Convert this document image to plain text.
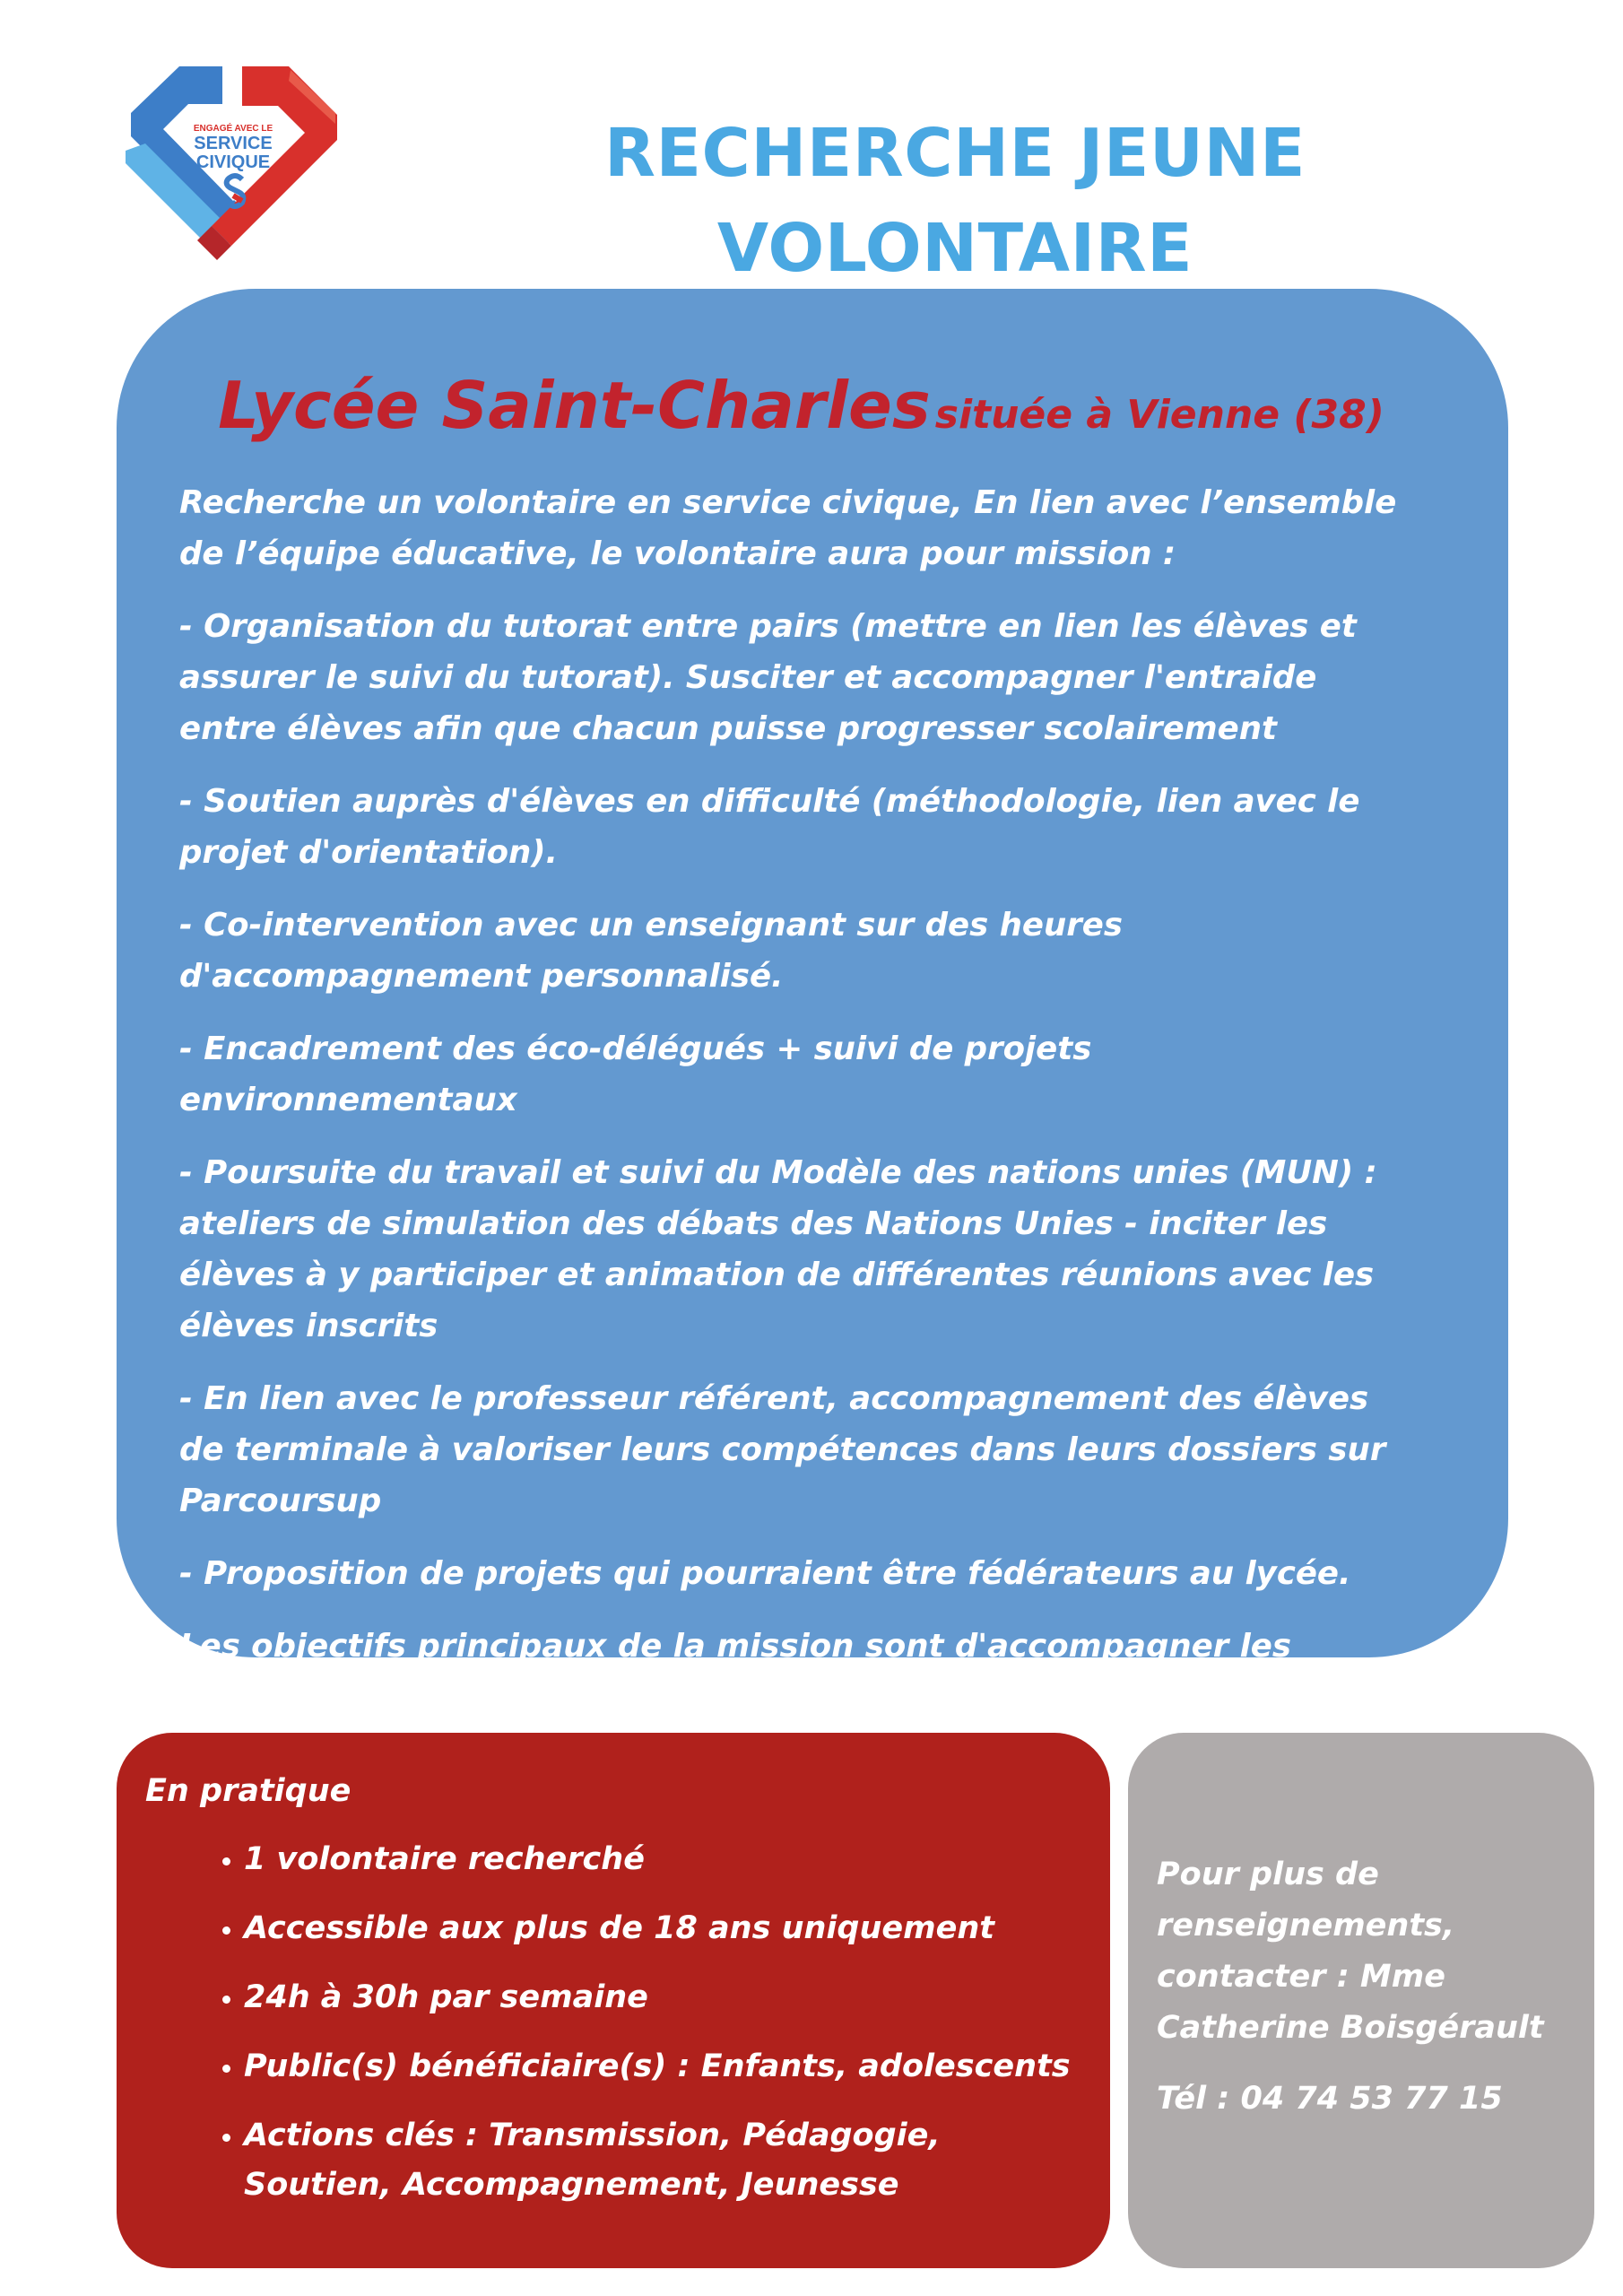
ENGAGÉ AVEC LE
SERVICE
CIVIQUE	RECHERCHE JEUNE VOLONTAIRE
Lycée Saint-Charles située à Vienne (38)

Recherche un volontaire en service civique, En lien avec l’ensemble de l’équipe éducative, le volontaire aura pour mission :

- Organisation du tutorat entre pairs (mettre en lien les élèves et assurer le suivi du tutorat). Susciter et accompagner l'entraide entre élèves afin que chacun puisse progresser scolairement

- Soutien auprès d'élèves en difficulté (méthodologie, lien avec le projet d'orientation).

- Co-intervention avec un enseignant sur des heures d'accompagnement personnalisé.

- Encadrement des éco-délégués + suivi de projets environnementaux

- Poursuite du travail et suivi du Modèle des nations unies (MUN) : ateliers de simulation des débats des Nations Unies - inciter les élèves à y participer et animation de différentes réunions avec les élèves inscrits

- En lien avec le professeur référent, accompagnement des élèves de terminale à valoriser leurs compétences dans leurs dossiers sur Parcoursup

- Proposition de projets qui pourraient être fédérateurs au lycée.

Les objectifs principaux de la mission sont d'accompagner les lycéens dans leur réussite scolaire et les faire grandir à travers

En pratique
• 1 volontaire recherché
• Accessible aux plus de 18 ans uniquement
• 24h à 30h par semaine
• Public(s) bénéficiaire(s) : Enfants, adolescents
• Actions clés : Transmission, Pédagogie, Soutien, Accompagnement, Jeunesse
Pour plus de renseignements, contacter : Mme Catherine Boisgérault
Tél : 04 74 53 77 15
